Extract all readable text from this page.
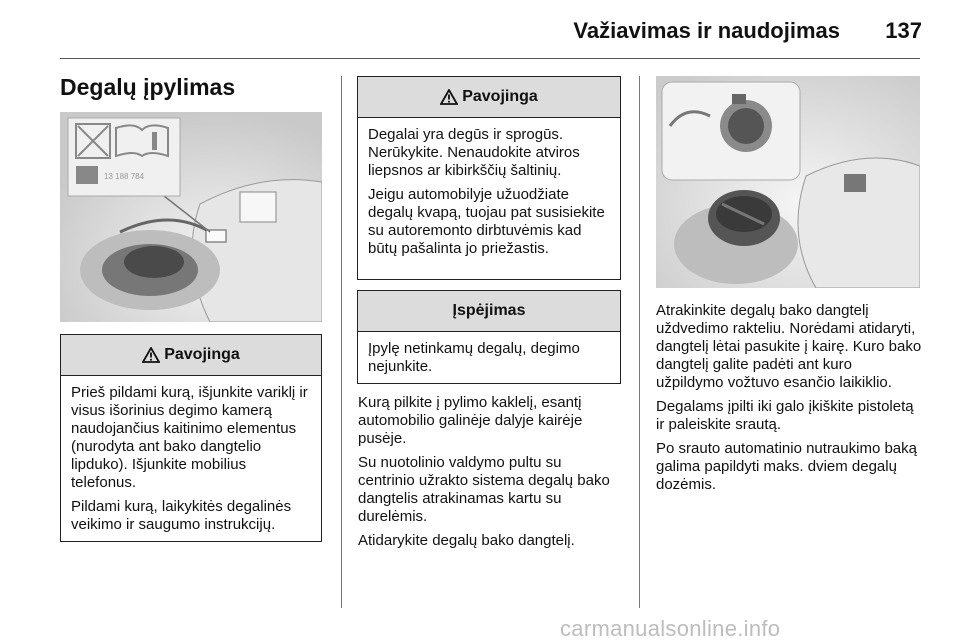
Važiavimas ir naudojimas	137
Degalų įpylimas
13 188 784
Pavojinga
Prieš pildami kurą, išjunkite variklį ir visus išorinius degimo kamerą naudojančius kaitinimo elementus (nurodyta ant bako dangtelio lipduko). Išjunkite mobilius telefonus.
Pildami kurą, laikykitės degalinės veikimo ir saugumo instrukcijų.
Pavojinga
Degalai yra degūs ir sprogūs. Nerūkykite. Nenaudokite atviros liepsnos ar kibirkščių šaltinių.
Jeigu automobilyje užuodžiate degalų kvapą, tuojau pat susisiekite su autoremonto dirbtuvėmis kad būtų pašalinta jo priežastis.
Įspėjimas
Įpylę netinkamų degalų, degimo nejunkite.
Kurą pilkite į pylimo kaklelį, esantį automobilio galinėje dalyje kairėje pusėje.
Su nuotolinio valdymo pultu su centrinio užrakto sistema degalų bako dangtelis atrakinamas kartu su durelėmis.
Atidarykite degalų bako dangtelį.
Atrakinkite degalų bako dangtelį uždvedimo rakteliu. Norėdami atidaryti, dangtelį lėtai pasukite į kairę. Kuro bako dangtelį galite padėti ant kuro užpildymo vožtuvo esančio laikiklio.
Degalams įpilti iki galo įkiškite pistoletą ir paleiskite srautą.
Po srauto automatinio nutraukimo baką galima papildyti maks. dviem degalų dozėmis.
carmanualsonline.info
